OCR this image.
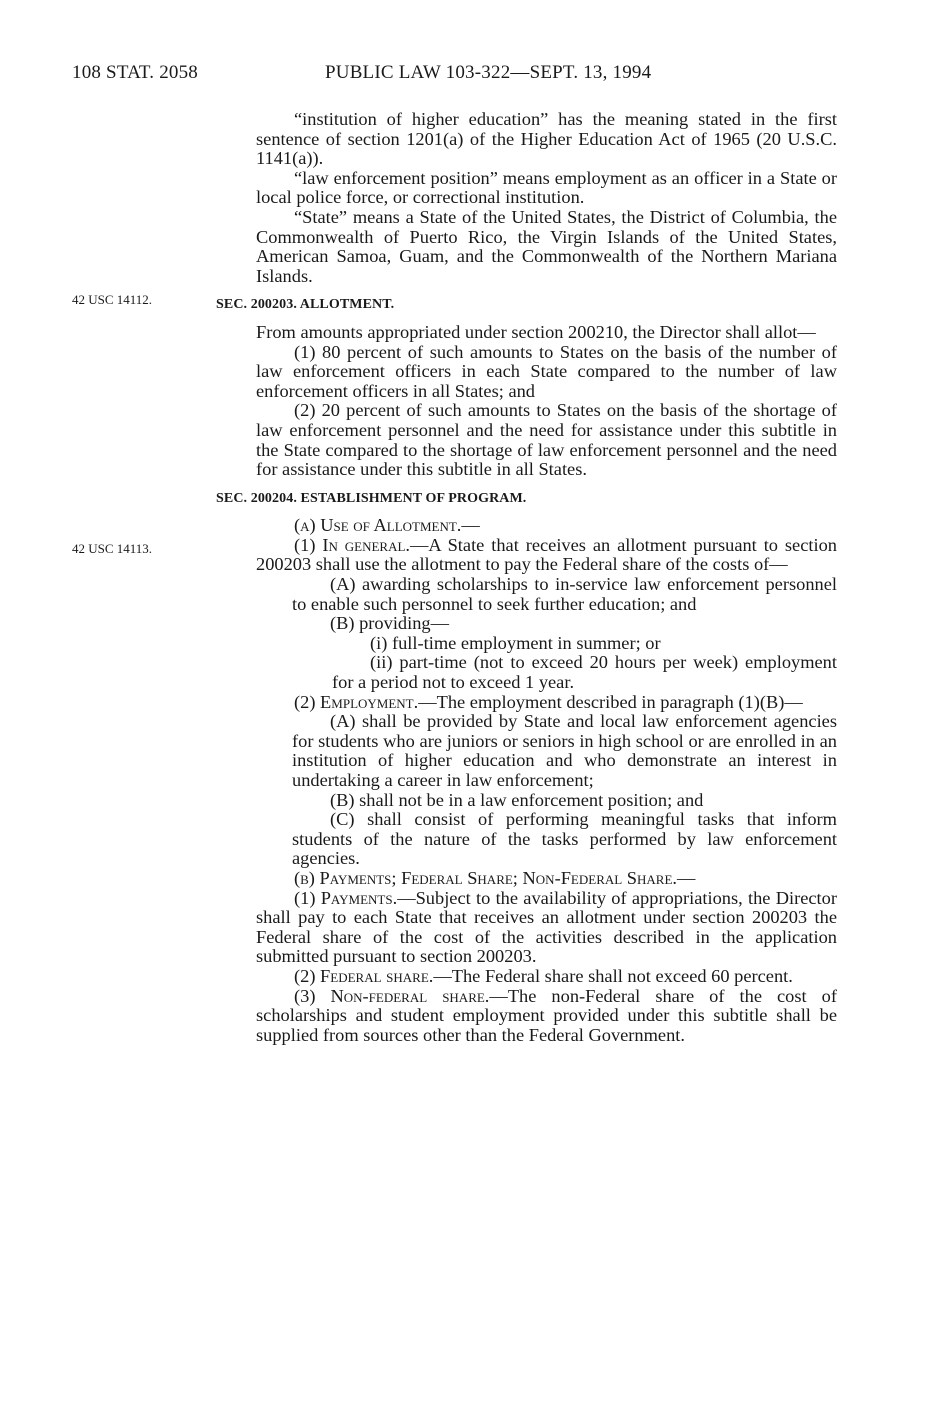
108 STAT. 2058	PUBLIC LAW 103-322—SEPT. 13, 1994
42 USC 14112.
42 USC 14113.

“institution of higher education” has the meaning stated in the first sentence of section 1201(a) of the Higher Education Act of 1965 (20 U.S.C. 1141(a)).

“law enforcement position” means employment as an officer in a State or local police force, or correctional institution.

“State” means a State of the United States, the District of Columbia, the Commonwealth of Puerto Rico, the Virgin Islands of the United States, American Samoa, Guam, and the Commonwealth of the Northern Mariana Islands.

SEC. 200203. ALLOTMENT.

From amounts appropriated under section 200210, the Director shall allot—

(1) 80 percent of such amounts to States on the basis of the number of law enforcement officers in each State compared to the number of law enforcement officers in all States; and

(2) 20 percent of such amounts to States on the basis of the shortage of law enforcement personnel and the need for assistance under this subtitle in the State compared to the shortage of law enforcement personnel and the need for assistance under this subtitle in all States.

SEC. 200204. ESTABLISHMENT OF PROGRAM.

(a) Use of Allotment.—

(1) In general.—A State that receives an allotment pursuant to section 200203 shall use the allotment to pay the Federal share of the costs of—

(A) awarding scholarships to in-service law enforcement personnel to enable such personnel to seek further education; and

(B) providing—

(i) full-time employment in summer; or

(ii) part-time (not to exceed 20 hours per week) employment for a period not to exceed 1 year.

(2) Employment.—The employment described in paragraph (1)(B)—

(A) shall be provided by State and local law enforcement agencies for students who are juniors or seniors in high school or are enrolled in an institution of higher education and who demonstrate an interest in undertaking a career in law enforcement;

(B) shall not be in a law enforcement position; and

(C) shall consist of performing meaningful tasks that inform students of the nature of the tasks performed by law enforcement agencies.

(b) Payments; Federal Share; Non-Federal Share.—

(1) Payments.—Subject to the availability of appropriations, the Director shall pay to each State that receives an allotment under section 200203 the Federal share of the cost of the activities described in the application submitted pursuant to section 200203.

(2) Federal share.—The Federal share shall not exceed 60 percent.

(3) Non-federal share.—The non-Federal share of the cost of scholarships and student employment provided under this subtitle shall be supplied from sources other than the Federal Government.
